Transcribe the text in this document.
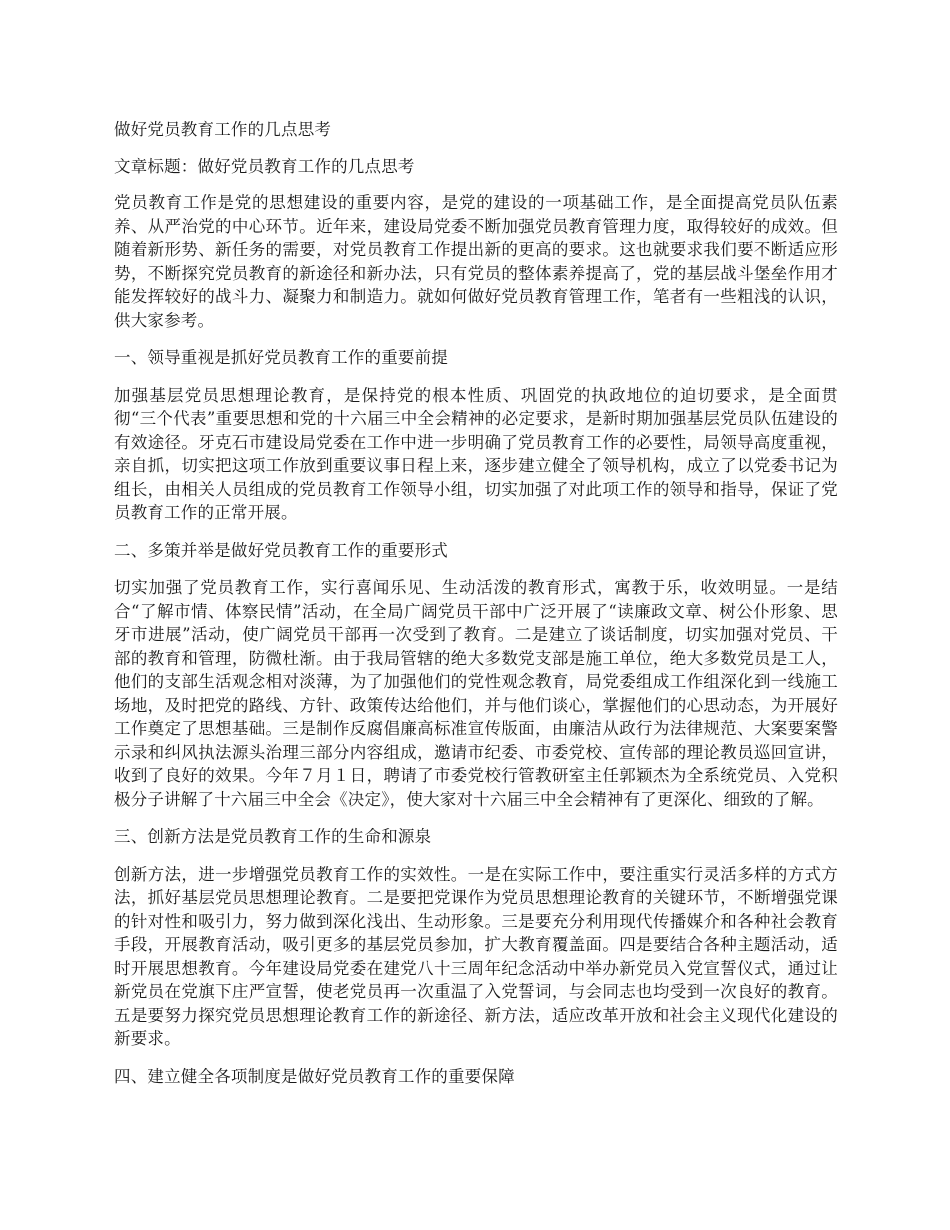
做好党员教育工作的几点思考

文章标题：做好党员教育工作的几点思考

党员教育工作是党的思想建设的重要内容，是党的建设的一项基础工作，是全面提高党员队伍素养、从严治党的中心环节。近年来，建设局党委不断加强党员教育管理力度，取得较好的成效。但随着新形势、新任务的需要，对党员教育工作提出新的更高的要求。这也就要求我们要不断适应形势，不断探究党员教育的新途径和新办法，只有党员的整体素养提高了，党的基层战斗堡垒作用才能发挥较好的战斗力、凝聚力和制造力。就如何做好党员教育管理工作，笔者有一些粗浅的认识，供大家参考。

一、领导重视是抓好党员教育工作的重要前提

加强基层党员思想理论教育，是保持党的根本性质、巩固党的执政地位的迫切要求，是全面贯彻“三个代表”重要思想和党的十六届三中全会精神的必定要求，是新时期加强基层党员队伍建设的有效途径。牙克石市建设局党委在工作中进一步明确了党员教育工作的必要性，局领导高度重视，亲自抓，切实把这项工作放到重要议事日程上来，逐步建立健全了领导机构，成立了以党委书记为组长，由相关人员组成的党员教育工作领导小组，切实加强了对此项工作的领导和指导，保证了党员教育工作的正常开展。

二、多策并举是做好党员教育工作的重要形式

切实加强了党员教育工作，实行喜闻乐见、生动活泼的教育形式，寓教于乐，收效明显。一是结合“了解市情、体察民情”活动，在全局广阔党员干部中广泛开展了“读廉政文章、树公仆形象、思牙市进展”活动，使广阔党员干部再一次受到了教育。二是建立了谈话制度，切实加强对党员、干部的教育和管理，防微杜渐。由于我局管辖的绝大多数党支部是施工单位，绝大多数党员是工人，他们的支部生活观念相对淡薄，为了加强他们的党性观念教育，局党委组成工作组深化到一线施工场地，及时把党的路线、方针、政策传达给他们，并与他们谈心，掌握他们的心思动态，为开展好工作奠定了思想基础。三是制作反腐倡廉高标准宣传版面，由廉洁从政行为法律规范、大案要案警示录和纠风执法源头治理三部分内容组成，邀请市纪委、市委党校、宣传部的理论教员巡回宣讲，收到了良好的效果。今年７月１日，聘请了市委党校行管教研室主任郭颖杰为全系统党员、入党积极分子讲解了十六届三中全会《决定》，使大家对十六届三中全会精神有了更深化、细致的了解。

三、创新方法是党员教育工作的生命和源泉

创新方法，进一步增强党员教育工作的实效性。一是在实际工作中，要注重实行灵活多样的方式方法，抓好基层党员思想理论教育。二是要把党课作为党员思想理论教育的关键环节，不断增强党课的针对性和吸引力，努力做到深化浅出、生动形象。三是要充分利用现代传播媒介和各种社会教育手段，开展教育活动，吸引更多的基层党员参加，扩大教育覆盖面。四是要结合各种主题活动，适时开展思想教育。今年建设局党委在建党八十三周年纪念活动中举办新党员入党宣誓仪式，通过让新党员在党旗下庄严宣誓，使老党员再一次重温了入党誓词，与会同志也均受到一次良好的教育。五是要努力探究党员思想理论教育工作的新途径、新方法，适应改革开放和社会主义现代化建设的新要求。

四、建立健全各项制度是做好党员教育工作的重要保障
